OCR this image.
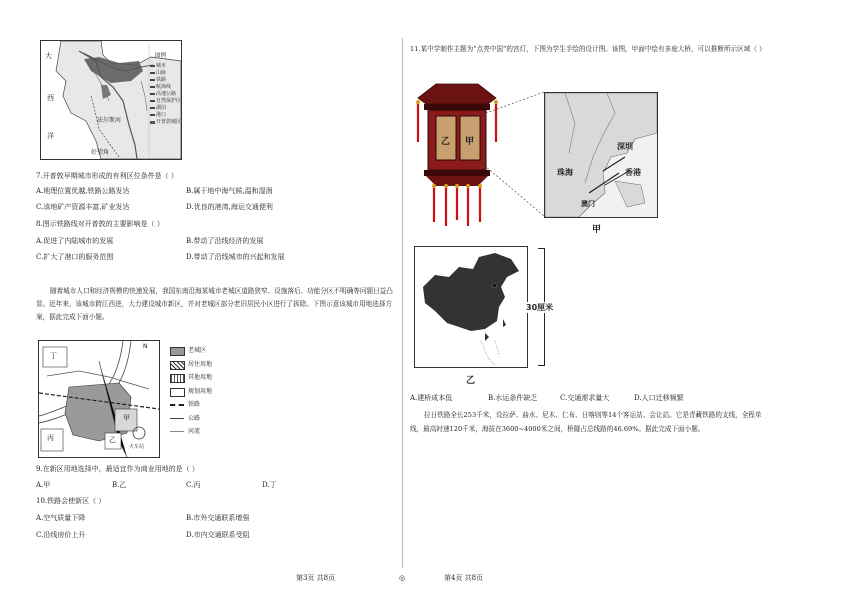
大
西
洋
法尔斯河
好望角
图例
城市
山脉
铁路
航海线
高速公路
自然保护区
湖泊
港口
开普敦城区
7.开普敦早期城市形成的有利区位条件是（ ）
A.地理位置优越,铁路公路发达	B.属于地中海气候,温和湿润
C.该地矿产资源丰富,矿业发达	D.优良的港湾,海运交通便利
8.图示铁路线对开普敦的主要影响是（ ）
A.促进了内陆城市的发展	B.带动了沿线经济的发展
C.扩大了港口的服务范围	D.带动了沿线城市的兴起和发展
随着城市人口和经济规模的快速发展，我国东南沿海某城市老城区道路狭窄、设施落后、功能分区不明确等问题日益凸显。近年来，该城市跨江西进，大力建设城市新区，并对老城区部分老旧居民小区进行了拆除。下图示意该城市用地选择方案，据此完成下面小题。
丁
甲
丙	乙
N
火车站
老城区
居住用地
其他用地
规划用地
铁路
公路
河流
9.在新区用地选择中，最适宜作为商业用地的是（ ）
A.甲	B.乙	C.丙	D.丁
10.铁路会使新区（ ）
A.空气质量下降	B.市外交通联系增强
C.沿线房价上升	D.市内交通联系受阻
11.某中学制作主题为“点亮中国”的宫灯，下图为学生手绘的设计图。该图，甲面中绘有多座大桥，可以推断所示区域（ ）
乙 甲	深圳
珠海	香港
澳门
甲
★
30厘米
乙
A.建桥成本低	B.水运条件缺乏	C.交通需求量大	D.人口迁移频繁
拉日铁路全长253千米，设拉萨、曲水、尼木、仁布、日喀则等14个客运站、会让站。它是青藏铁路的支线，全程单线，最高时速120千米，海拔在3600~4000米之间，桥隧占总线路的46.69%。据此完成下面小题。
第3页 共8页	◎	第4页 共8页
